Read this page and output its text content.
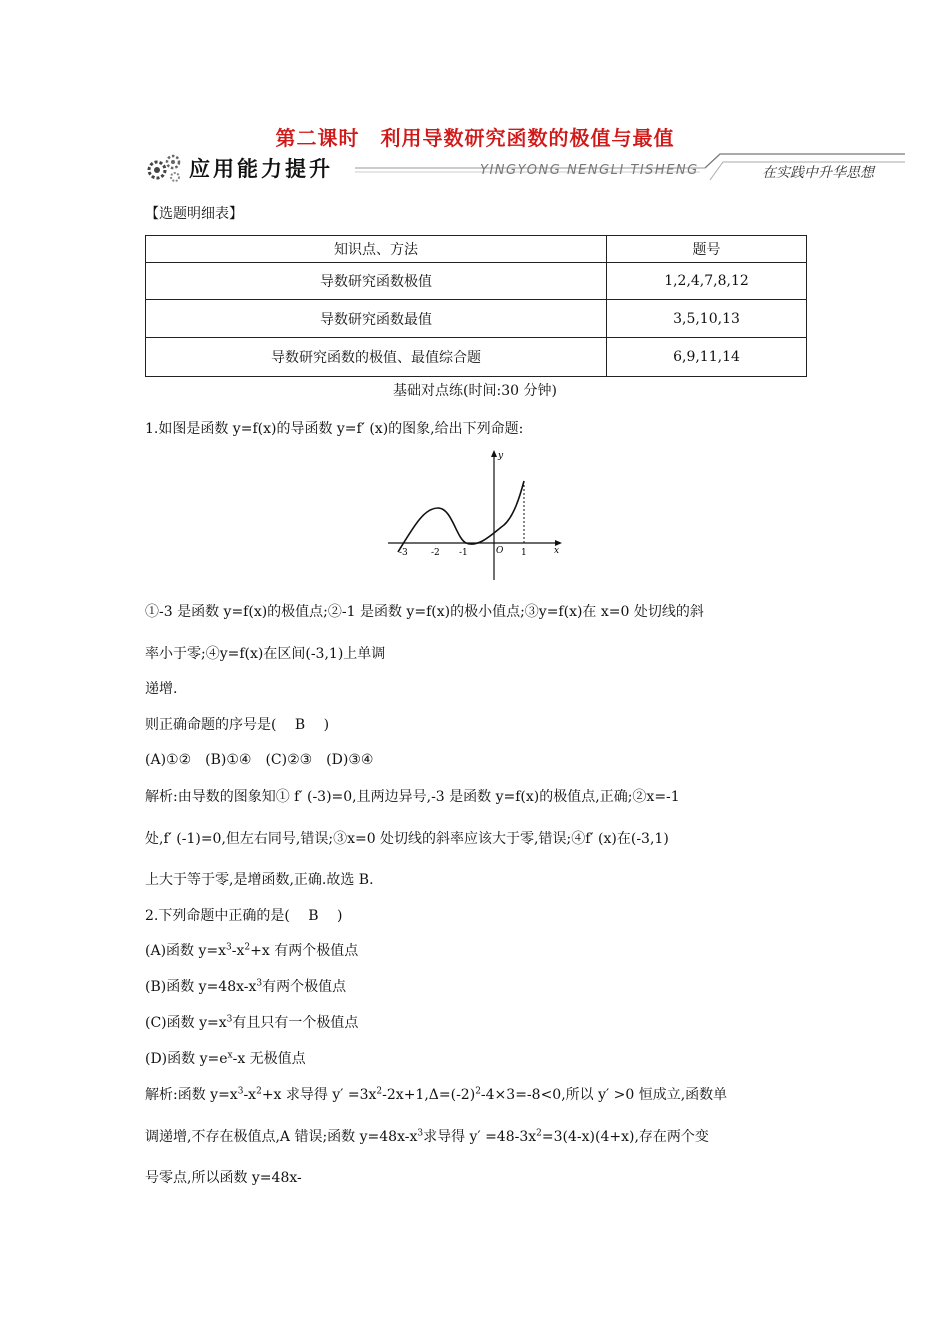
第二课时　利用导数研究函数的极值与最值
应用能力提升	YINGYONG NENGLI TISHENG	在实践中升华思想
【选题明细表】
知识点、方法	题号
导数研究函数极值	1,2,4,7,8,12
导数研究函数最值	3,5,10,13
导数研究函数的极值、最值综合题	6,9,11,14
基础对点练(时间:30 分钟)
1.如图是函数 y=f(x)的导函数 y=f′ (x)的图象,给出下列命题:
y
x
O
-3	-2 -1	1
①-3 是函数 y=f(x)的极值点;②-1 是函数 y=f(x)的极小值点;③y=f(x)在 x=0 处切线的斜
率小于零;④y=f(x)在区间(-3,1)上单调
递增.
则正确命题的序号是(　 B　 )
(A)①②　(B)①④　(C)②③　(D)③④
解析:由导数的图象知① f′ (-3)=0,且两边异号,-3 是函数 y=f(x)的极值点,正确;②x=-1
处,f′ (-1)=0,但左右同号,错误;③x=0 处切线的斜率应该大于零,错误;④f′ (x)在(-3,1)
上大于等于零,是增函数,正确.故选 B.
2.下列命题中正确的是(　 B　 )
(A)函数 $y=x^3-x^2+x$ 有两个极值点
(B)函数 $y=48x-x^3$有两个极值点
(C)函数 $y=x^3$有且只有一个极值点
(D)函数 $y=e^x-x$ 无极值点
解析:函数 $y=x^3-x^2+x$ 求导得 $y' =3x^2-2x+1,\Delta=(-2)^2-4\times 3=-8<0$,所以 y′ >0 恒成立,函数单
调递增,不存在极值点,A 错误;函数 $y=48x-x^3$求导得 $y' =48-3x^2=3(4-x)(4+x)$,存在两个变
号零点,所以函数 y=48x-
